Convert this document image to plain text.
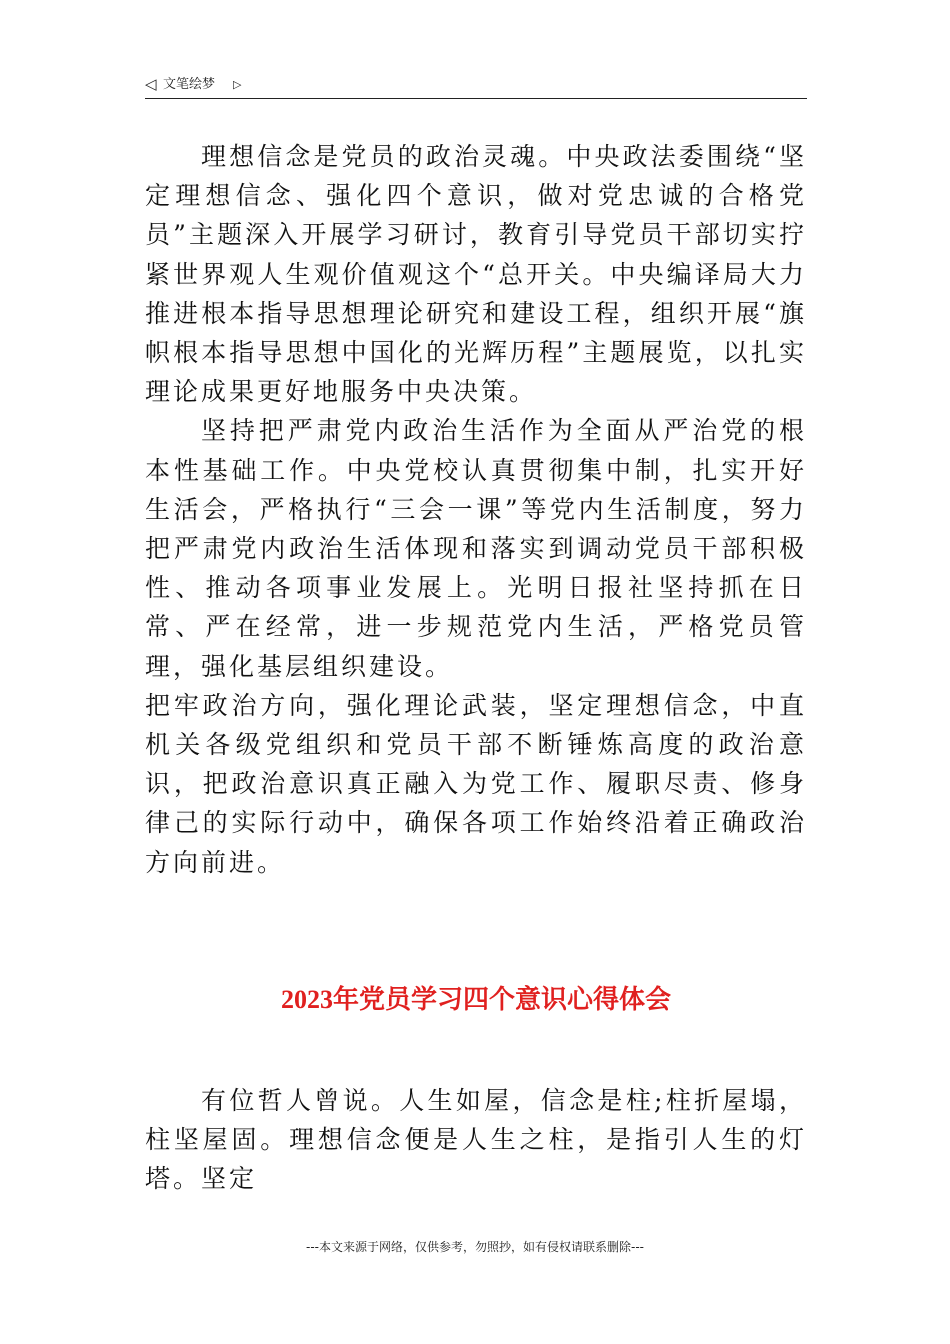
◁ 文笔绘梦 ▷

理想信念是党员的政治灵魂。中央政法委围绕“坚定理想信念、强化四个意识，做对党忠诚的合格党员”主题深入开展学习研讨，教育引导党员干部切实拧紧世界观人生观价值观这个“总开关。中央编译局大力推进根本指导思想理论研究和建设工程，组织开展“旗帜根本指导思想中国化的光辉历程”主题展览，以扎实理论成果更好地服务中央决策。

坚持把严肃党内政治生活作为全面从严治党的根本性基础工作。中央党校认真贯彻集中制，扎实开好生活会，严格执行“三会一课”等党内生活制度，努力把严肃党内政治生活体现和落实到调动党员干部积极性、推动各项事业发展上。光明日报社坚持抓在日常、严在经常，进一步规范党内生活，严格党员管理，强化基层组织建设。

把牢政治方向，强化理论武装，坚定理想信念，中直机关各级党组织和党员干部不断锤炼高度的政治意识，把政治意识真正融入为党工作、履职尽责、修身律己的实际行动中，确保各项工作始终沿着正确政治方向前进。

2023年党员学习四个意识心得体会

有位哲人曾说。人生如屋，信念是柱;柱折屋塌，柱坚屋固。理想信念便是人生之柱，是指引人生的灯塔。坚定

---本文来源于网络，仅供参考，勿照抄，如有侵权请联系删除---
